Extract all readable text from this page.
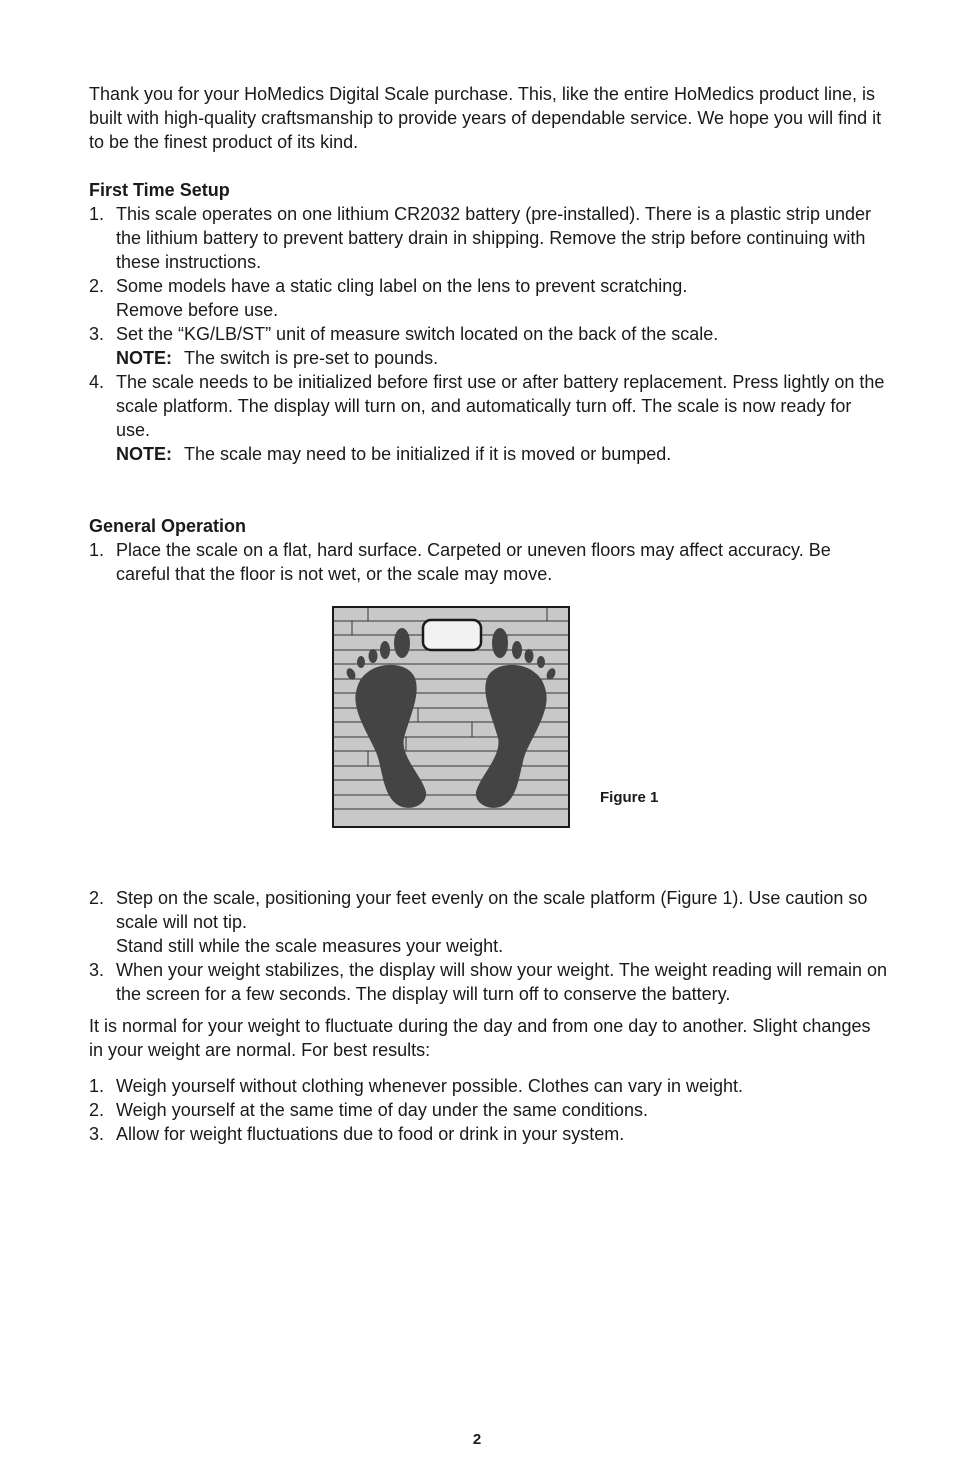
Thank you for your HoMedics Digital Scale purchase. This, like the entire HoMedics product line, is built with high-quality craftsmanship to provide years of dependable service. We hope you will find it to be the finest product of its kind.

First Time Setup
1. This scale operates on one lithium CR2032 battery (pre-installed). There is a plastic strip under the lithium battery to prevent battery drain in shipping. Remove the strip before continuing with these instructions.
2. Some models have a static cling label on the lens to prevent scratching.
Remove before use.
3. Set the “KG/LB/ST” unit of measure switch located on the back of the scale.
NOTE: The switch is pre-set to pounds.
4. The scale needs to be initialized before first use or after battery replacement. Press lightly on the scale platform. The display will turn on, and automatically turn off. The scale is now ready for use.
NOTE: The scale may need to be initialized if it is moved or bumped.
General Operation
1. Place the scale on a flat, hard surface. Carpeted or uneven floors may affect accuracy. Be careful that the floor is not wet, or the scale may move.
Figure 1
2. Step on the scale, positioning your feet evenly on the scale platform (Figure 1). Use caution so scale will not tip.
Stand still while the scale measures your weight.
3. When your weight stabilizes, the display will show your weight. The weight reading will remain on the screen for a few seconds. The display will turn off to conserve the battery.

It is normal for your weight to fluctuate during the day and from one day to another. Slight changes in your weight are normal. For best results:

1. Weigh yourself without clothing whenever possible. Clothes can vary in weight.
2. Weigh yourself at the same time of day under the same conditions.
3. Allow for weight fluctuations due to food or drink in your system.
2
